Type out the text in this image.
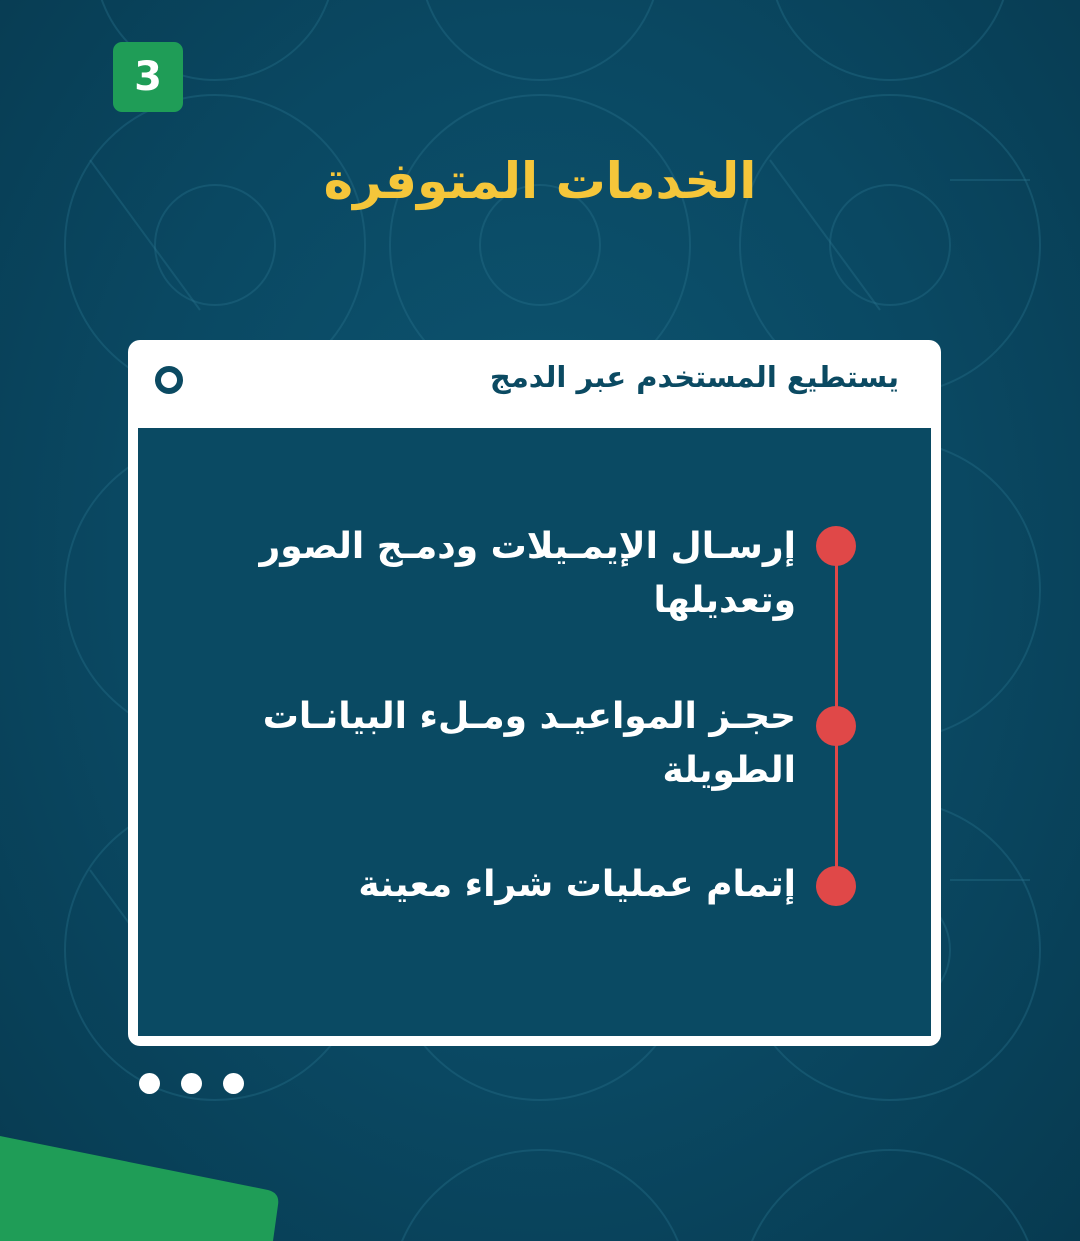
3
الخدمات المتوفرة
يستطيع المستخدم عبر الدمج
إرسـال الإيمـيلات ودمـج الصور وتعديلها
حجـز المواعيـد ومـلء البيانـات الطويلة
إتمام عمليات شراء معينة
